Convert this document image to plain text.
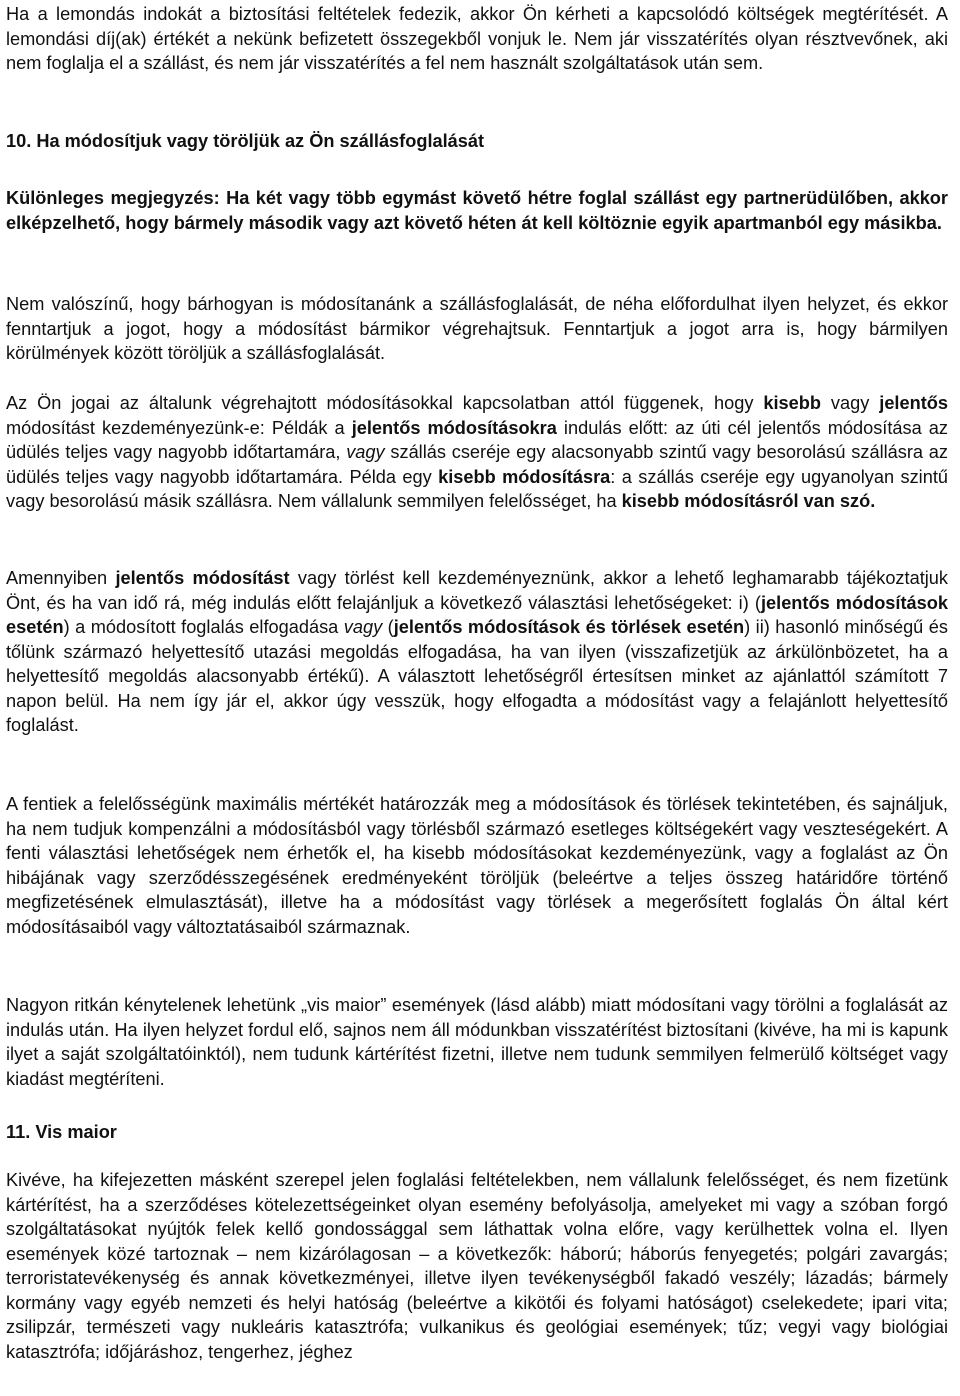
Ha a lemondás indokát a biztosítási feltételek fedezik, akkor Ön kérheti a kapcsolódó költségek megtérítését. A lemondási díj(ak) értékét a nekünk befizetett összegekből vonjuk le. Nem jár visszatérítés olyan résztvevőnek, aki nem foglalja el a szállást, és nem jár visszatérítés a fel nem használt szolgáltatások után sem.

10. Ha módosítjuk vagy töröljük az Ön szállásfoglalását

Különleges megjegyzés: Ha két vagy több egymást követő hétre foglal szállást egy partnerüdülőben, akkor elképzelhető, hogy bármely második vagy azt követő héten át kell költöznie egyik apartmanból egy másikba.

Nem valószínű, hogy bárhogyan is módosítanánk a szállásfoglalását, de néha előfordulhat ilyen helyzet, és ekkor fenntartjuk a jogot, hogy a módosítást bármikor végrehajtsuk. Fenntartjuk a jogot arra is, hogy bármilyen körülmények között töröljük a szállásfoglalását.

Az Ön jogai az általunk végrehajtott módosításokkal kapcsolatban attól függenek, hogy kisebb vagy jelentős módosítást kezdeményezünk-e: Példák a jelentős módosításokra indulás előtt: az úti cél jelentős módosítása az üdülés teljes vagy nagyobb időtartamára, vagy szállás cseréje egy alacsonyabb szintű vagy besorolású szállásra az üdülés teljes vagy nagyobb időtartamára. Példa egy kisebb módosításra: a szállás cseréje egy ugyanolyan szintű vagy besorolású másik szállásra. Nem vállalunk semmilyen felelősséget, ha kisebb módosításról van szó.

Amennyiben jelentős módosítást vagy törlést kell kezdeményeznünk, akkor a lehető leghamarabb tájékoztatjuk Önt, és ha van idő rá, még indulás előtt felajánljuk a következő választási lehetőségeket: i) (jelentős módosítások esetén) a módosított foglalás elfogadása vagy (jelentős módosítások és törlések esetén) ii) hasonló minőségű és tőlünk származó helyettesítő utazási megoldás elfogadása, ha van ilyen (visszafizetjük az árkülönbözetet, ha a helyettesítő megoldás alacsonyabb értékű). A választott lehetőségről értesítsen minket az ajánlattól számított 7 napon belül. Ha nem így jár el, akkor úgy vesszük, hogy elfogadta a módosítást vagy a felajánlott helyettesítő foglalást.

A fentiek a felelősségünk maximális mértékét határozzák meg a módosítások és törlések tekintetében, és sajnáljuk, ha nem tudjuk kompenzálni a módosításból vagy törlésből származó esetleges költségekért vagy veszteségekért. A fenti választási lehetőségek nem érhetők el, ha kisebb módosításokat kezdeményezünk, vagy a foglalást az Ön hibájának vagy szerződésszegésének eredményeként töröljük (beleértve a teljes összeg határidőre történő megfizetésének elmulasztását), illetve ha a módosítást vagy törlések a megerősített foglalás Ön által kért módosításaiból vagy változtatásaiból származnak.

Nagyon ritkán kénytelenek lehetünk „vis maior” események (lásd alább) miatt módosítani vagy törölni a foglalását az indulás után. Ha ilyen helyzet fordul elő, sajnos nem áll módunkban visszatérítést biztosítani (kivéve, ha mi is kapunk ilyet a saját szolgáltatóinktól), nem tudunk kártérítést fizetni, illetve nem tudunk semmilyen felmerülő költséget vagy kiadást megtéríteni.

11. Vis maior

Kivéve, ha kifejezetten másként szerepel jelen foglalási feltételekben, nem vállalunk felelősséget, és nem fizetünk kártérítést, ha a szerződéses kötelezettségeinket olyan esemény befolyásolja, amelyeket mi vagy a szóban forgó szolgáltatásokat nyújtók felek kellő gondossággal sem láthattak volna előre, vagy kerülhettek volna el. Ilyen események közé tartoznak – nem kizárólagosan – a következők: háború; háborús fenyegetés; polgári zavargás; terroristatevékenység és annak következményei, illetve ilyen tevékenységből fakadó veszély; lázadás; bármely kormány vagy egyéb nemzeti és helyi hatóság (beleértve a kikötői és folyami hatóságot) cselekedete; ipari vita; zsilipzár, természeti vagy nukleáris katasztrófa; vulkanikus és geológiai események; tűz; vegyi vagy biológiai katasztrófa; időjáráshoz, tengerhez, jéghez
